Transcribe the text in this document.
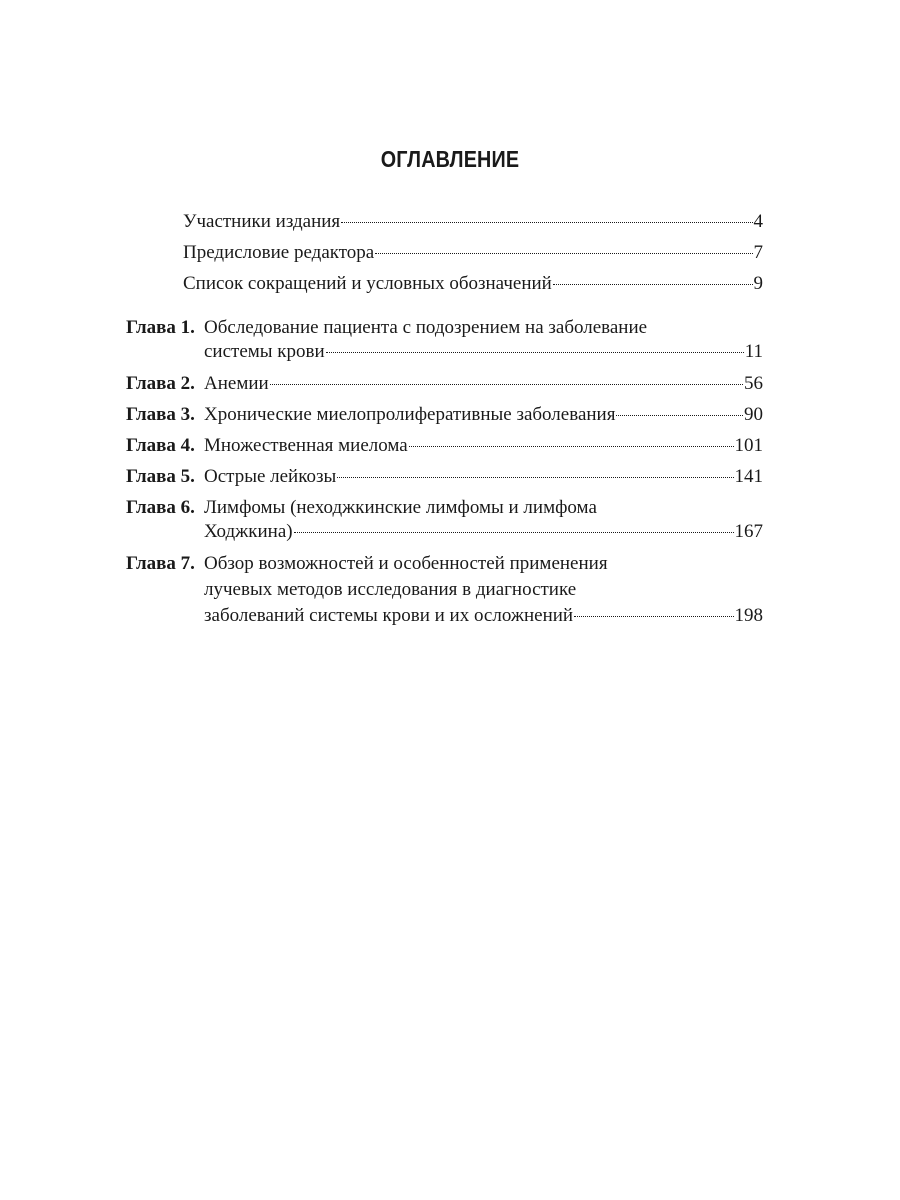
ОГЛАВЛЕНИЕ
Участники издания	4
Предисловие редактора	7
Список сокращений и условных обозначений	9
Глава 1. Обследование пациента с подозрением на заболевание
системы крови	11
Глава 2. Анемии	56
Глава 3. Хронические миелопролиферативные заболевания	90
Глава 4. Множественная миелома	101
Глава 5. Острые лейкозы	141
Глава 6. Лимфомы (неходжкинские лимфомы и лимфома
Ходжкина)	167
Глава 7. Обзор возможностей и особенностей применения
лучевых методов исследования в диагностике
заболеваний системы крови и их осложнений	198
